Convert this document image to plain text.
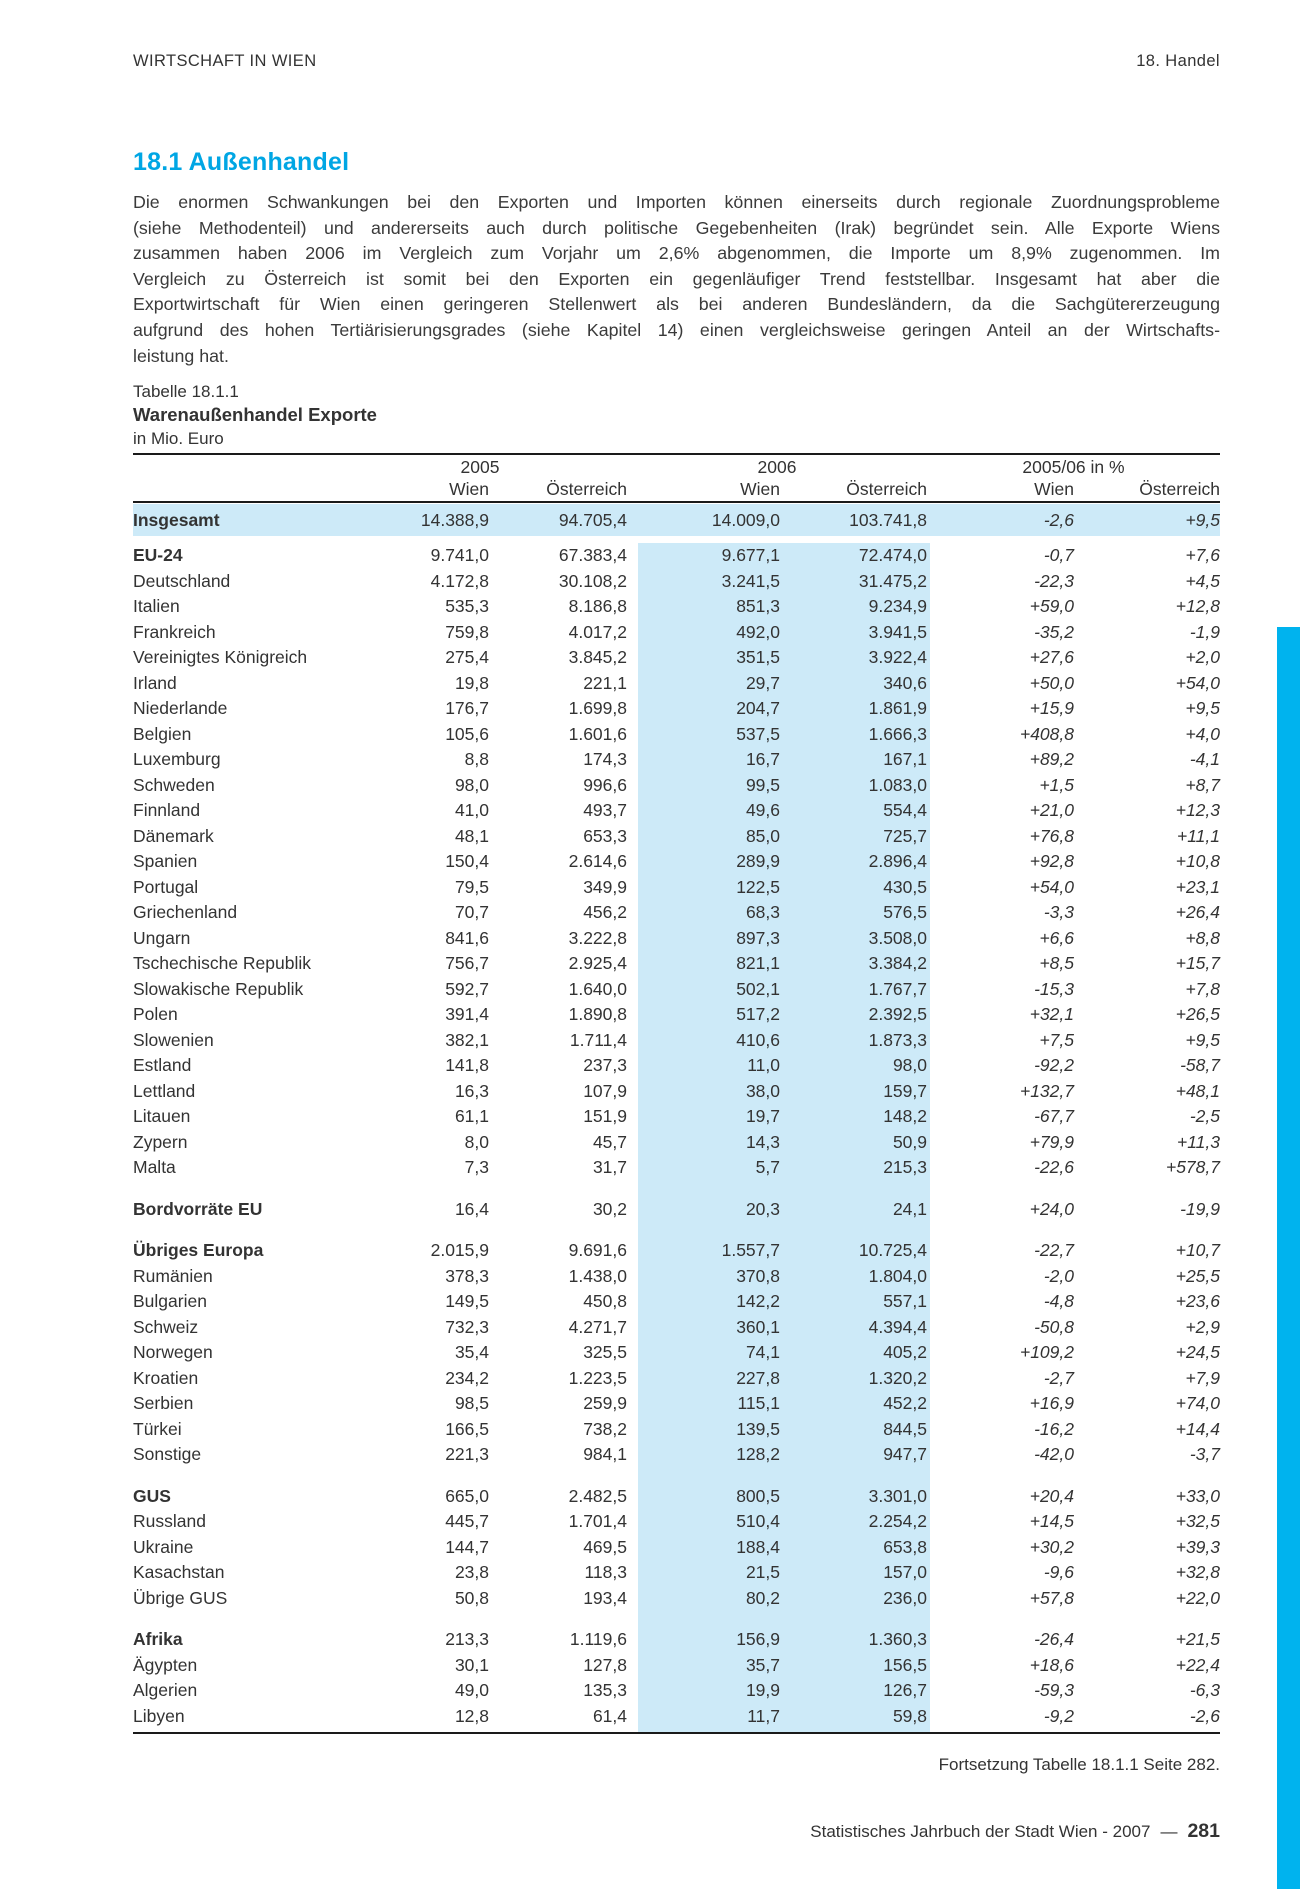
WIRTSCHAFT IN WIEN	18. Handel
18.1 Außenhandel
Die enormen Schwankungen bei den Exporten und Importen können einerseits durch regionale Zuordnungsprobleme
(siehe Methodenteil) und andererseits auch durch politische Gegebenheiten (Irak) begründet sein. Alle Exporte Wiens
zusammen haben 2006 im Vergleich zum Vorjahr um 2,6% abgenommen, die Importe um 8,9% zugenommen. Im
Vergleich zu Österreich ist somit bei den Exporten ein gegenläufiger Trend feststellbar. Insgesamt hat aber die
Exportwirtschaft für Wien einen geringeren Stellenwert als bei anderen Bundesländern, da die Sachgütererzeugung
aufgrund des hohen Tertiärisierungsgrades (siehe Kapitel 14) einen vergleichsweise geringen Anteil an der Wirtschafts-
leistung hat.
Tabelle 18.1.1
Warenaußenhandel Exporte
in Mio. Euro
2005	2006	2005/06 in %
Wien	Österreich	Wien	Österreich	Wien	Österreich
Insgesamt	14.388,9	94.705,4	14.009,0	103.741,8	-2,6	+9,5
EU-24	9.741,0	67.383,4	9.677,1	72.474,0	-0,7	+7,6
Deutschland	4.172,8	30.108,2	3.241,5	31.475,2	-22,3	+4,5
Italien	535,3	8.186,8	851,3	9.234,9	+59,0	+12,8
Frankreich	759,8	4.017,2	492,0	3.941,5	-35,2	-1,9
Vereinigtes Königreich	275,4	3.845,2	351,5	3.922,4	+27,6	+2,0
Irland	19,8	221,1	29,7	340,6	+50,0	+54,0
Niederlande	176,7	1.699,8	204,7	1.861,9	+15,9	+9,5
Belgien	105,6	1.601,6	537,5	1.666,3	+408,8	+4,0
Luxemburg	8,8	174,3	16,7	167,1	+89,2	-4,1
Schweden	98,0	996,6	99,5	1.083,0	+1,5	+8,7
Finnland	41,0	493,7	49,6	554,4	+21,0	+12,3
Dänemark	48,1	653,3	85,0	725,7	+76,8	+11,1
Spanien	150,4	2.614,6	289,9	2.896,4	+92,8	+10,8
Portugal	79,5	349,9	122,5	430,5	+54,0	+23,1
Griechenland	70,7	456,2	68,3	576,5	-3,3	+26,4
Ungarn	841,6	3.222,8	897,3	3.508,0	+6,6	+8,8
Tschechische Republik	756,7	2.925,4	821,1	3.384,2	+8,5	+15,7
Slowakische Republik	592,7	1.640,0	502,1	1.767,7	-15,3	+7,8
Polen	391,4	1.890,8	517,2	2.392,5	+32,1	+26,5
Slowenien	382,1	1.711,4	410,6	1.873,3	+7,5	+9,5
Estland	141,8	237,3	11,0	98,0	-92,2	-58,7
Lettland	16,3	107,9	38,0	159,7	+132,7	+48,1
Litauen	61,1	151,9	19,7	148,2	-67,7	-2,5
Zypern	8,0	45,7	14,3	50,9	+79,9	+11,3
Malta	7,3	31,7	5,7	215,3	-22,6	+578,7
Bordvorräte EU	16,4	30,2	20,3	24,1	+24,0	-19,9
Übriges Europa	2.015,9	9.691,6	1.557,7	10.725,4	-22,7	+10,7
Rumänien	378,3	1.438,0	370,8	1.804,0	-2,0	+25,5
Bulgarien	149,5	450,8	142,2	557,1	-4,8	+23,6
Schweiz	732,3	4.271,7	360,1	4.394,4	-50,8	+2,9
Norwegen	35,4	325,5	74,1	405,2	+109,2	+24,5
Kroatien	234,2	1.223,5	227,8	1.320,2	-2,7	+7,9
Serbien	98,5	259,9	115,1	452,2	+16,9	+74,0
Türkei	166,5	738,2	139,5	844,5	-16,2	+14,4
Sonstige	221,3	984,1	128,2	947,7	-42,0	-3,7
GUS	665,0	2.482,5	800,5	3.301,0	+20,4	+33,0
Russland	445,7	1.701,4	510,4	2.254,2	+14,5	+32,5
Ukraine	144,7	469,5	188,4	653,8	+30,2	+39,3
Kasachstan	23,8	118,3	21,5	157,0	-9,6	+32,8
Übrige GUS	50,8	193,4	80,2	236,0	+57,8	+22,0
Afrika	213,3	1.119,6	156,9	1.360,3	-26,4	+21,5
Ägypten	30,1	127,8	35,7	156,5	+18,6	+22,4
Algerien	49,0	135,3	19,9	126,7	-59,3	-6,3
Libyen	12,8	61,4	11,7	59,8	-9,2	-2,6
Fortsetzung Tabelle 18.1.1 Seite 282.
Statistisches Jahrbuch der Stadt Wien - 2007 — 281
